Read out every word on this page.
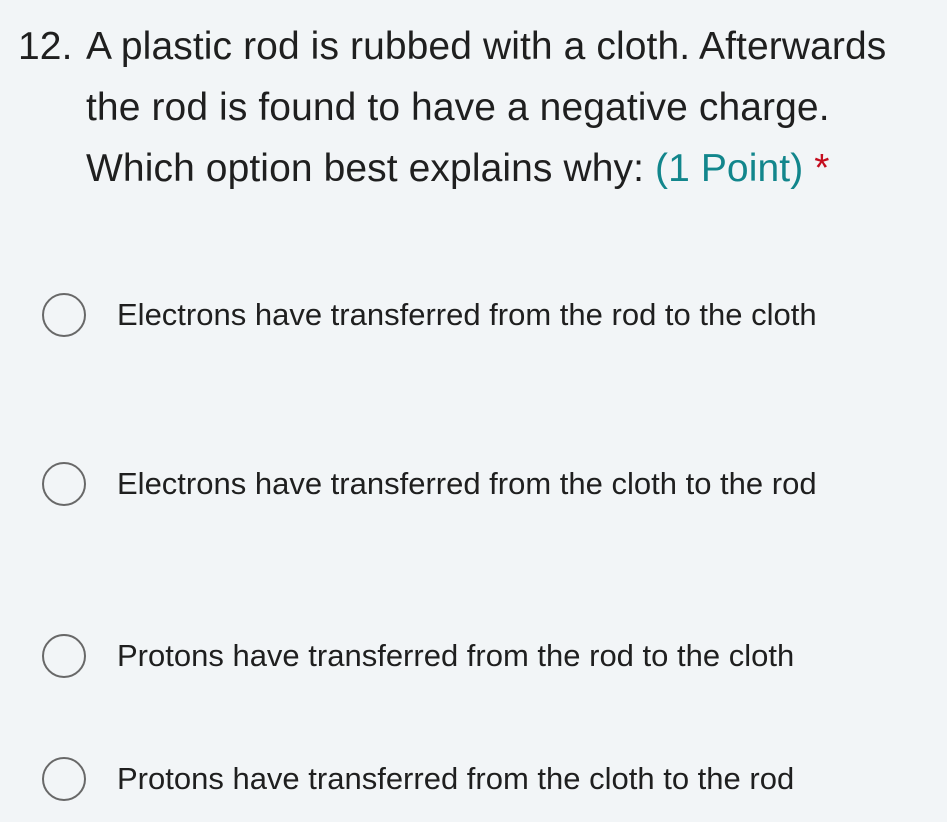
12. A plastic rod is rubbed with a cloth. Afterwards the rod is found to have a negative charge. Which option best explains why: (1 Point) *
Electrons have transferred from the rod to the cloth
Electrons have transferred from the cloth to the rod
Protons have transferred from the rod to the cloth
Protons have transferred from the cloth to the rod
